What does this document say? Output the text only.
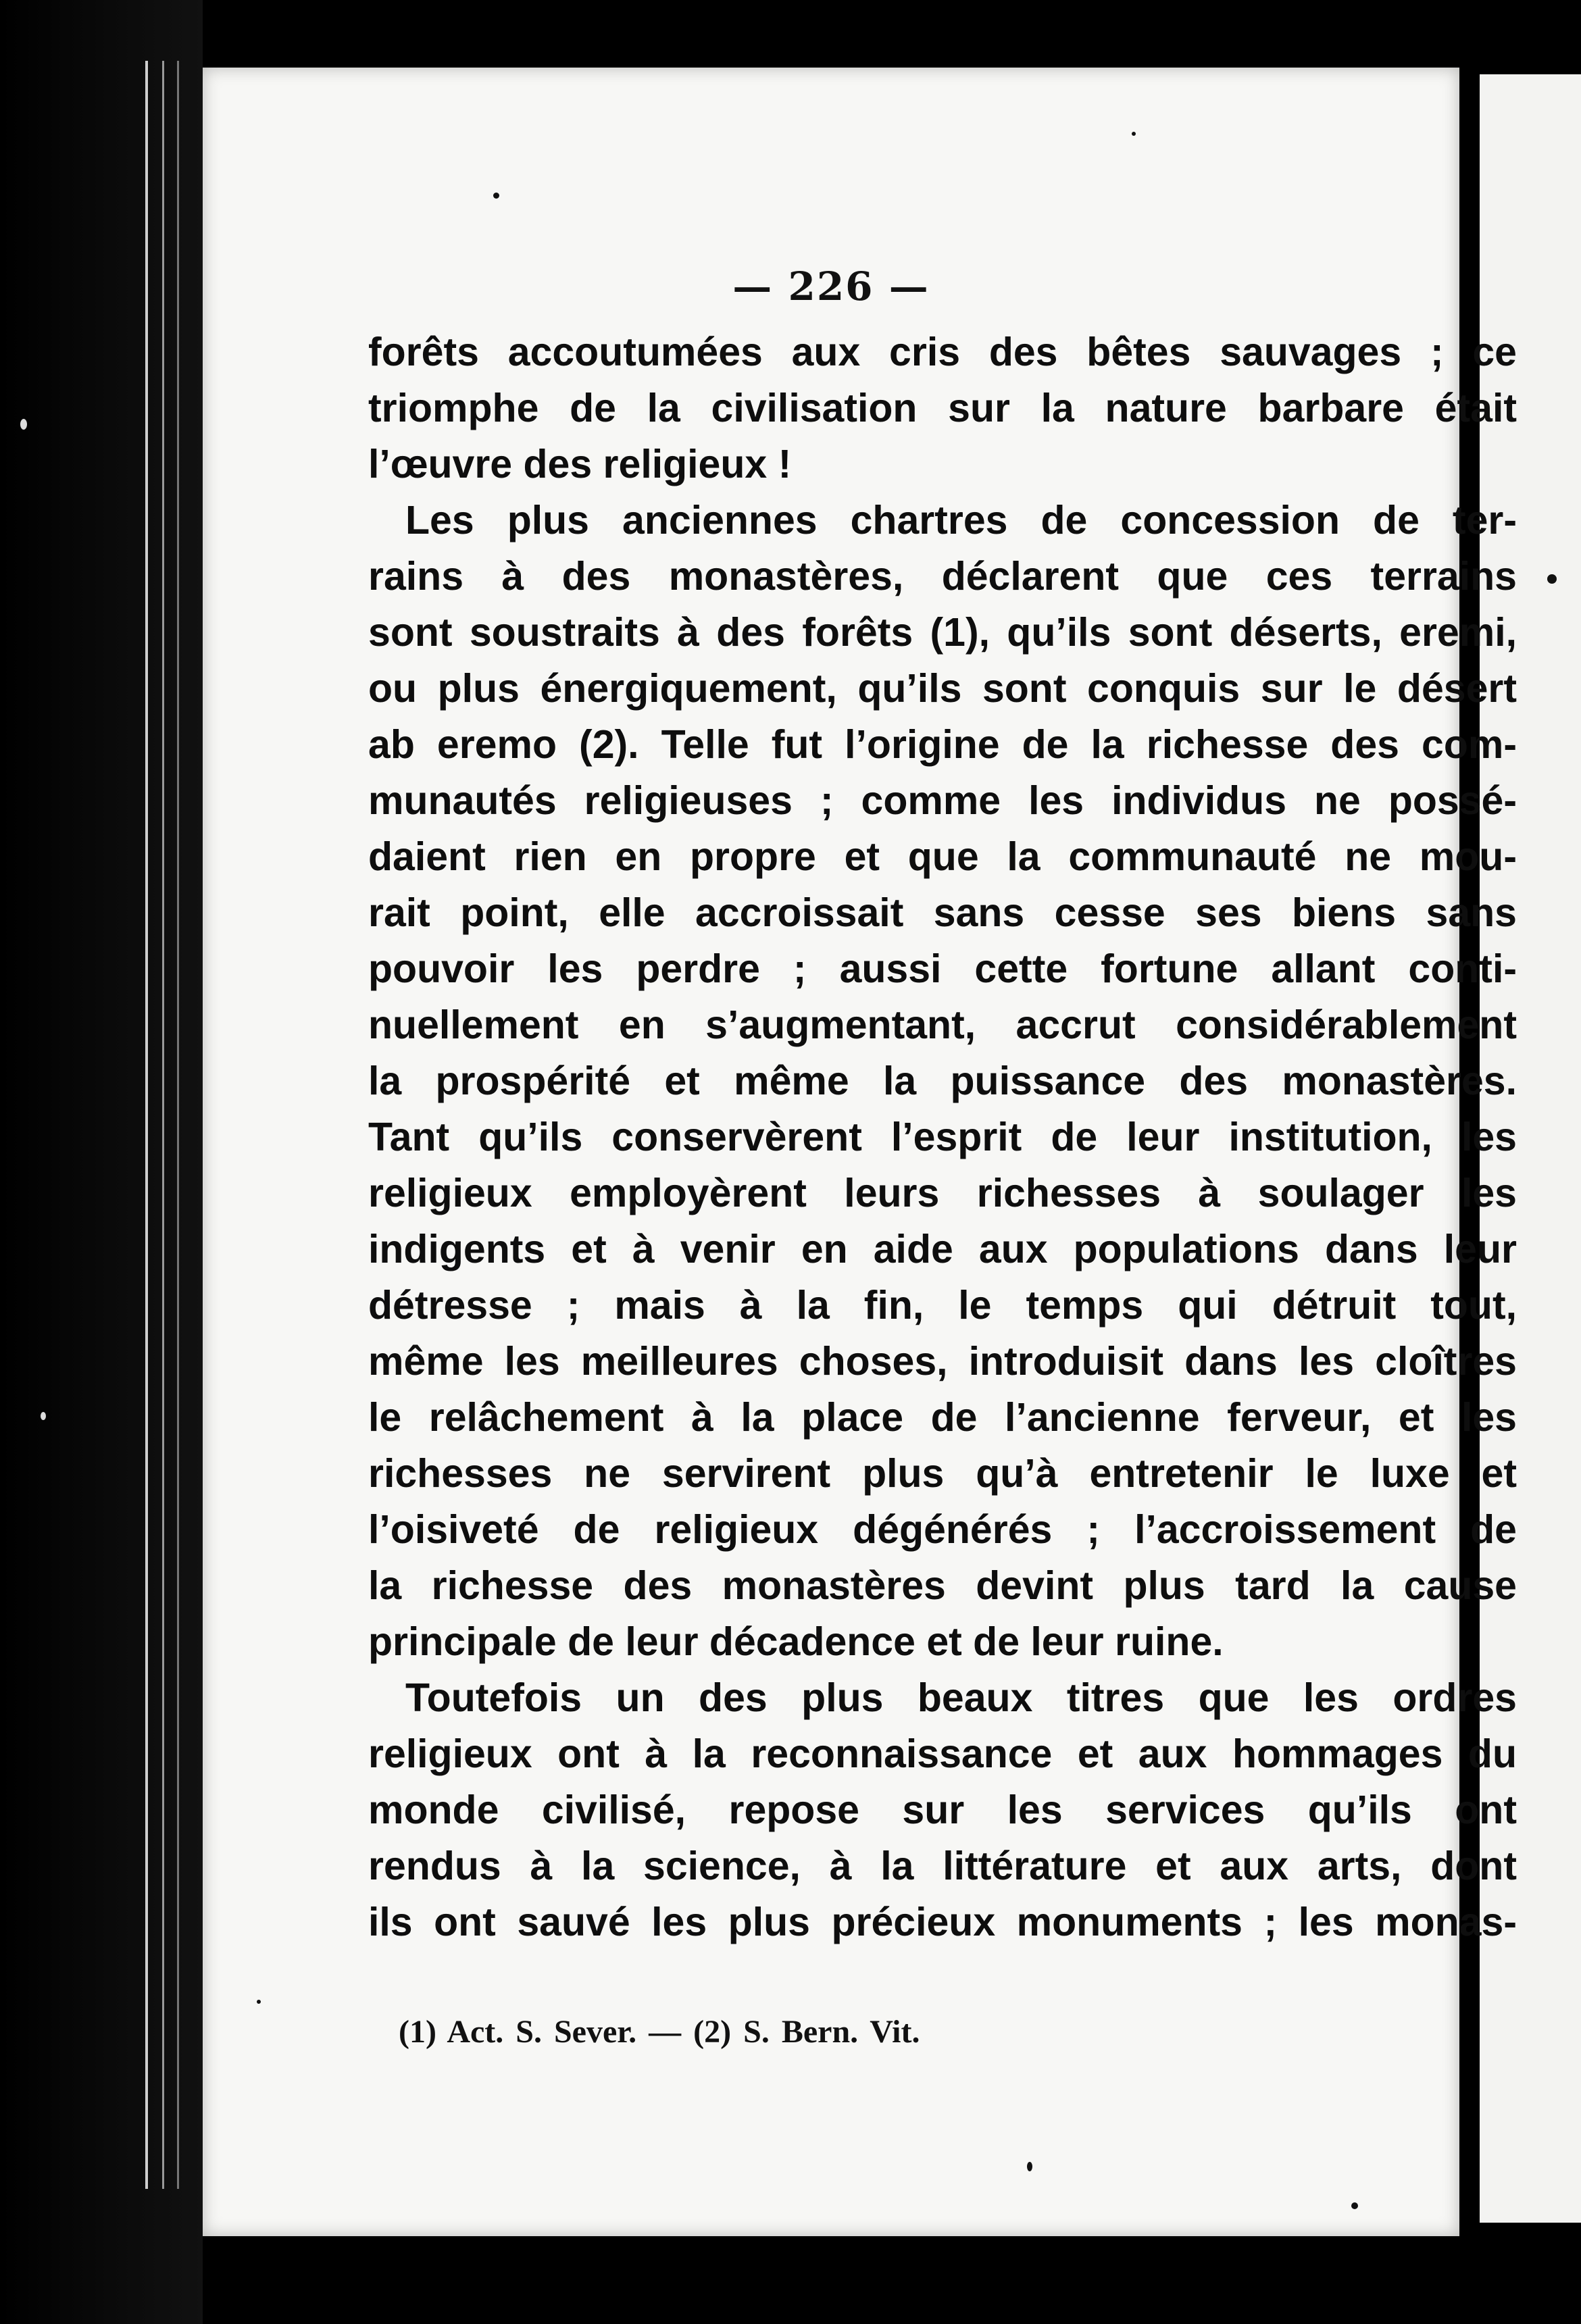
— 226 —
forêts accoutumées aux cris des bêtes sauvages ; ce
triomphe de la civilisation sur la nature barbare était
l’œuvre des religieux !
Les plus anciennes chartres de concession de ter-
rains à des monastères, déclarent que ces terrains
sont soustraits à des forêts (1), qu’ils sont déserts, eremi,
ou plus énergiquement, qu’ils sont conquis sur le désert
ab eremo (2). Telle fut l’origine de la richesse des com-
munautés religieuses ; comme les individus ne possé-
daient rien en propre et que la communauté ne mou-
rait point, elle accroissait sans cesse ses biens sans
pouvoir les perdre ; aussi cette fortune allant conti-
nuellement en s’augmentant, accrut considérablement
la prospérité et même la puissance des monastères.
Tant qu’ils conservèrent l’esprit de leur institution, les
religieux employèrent leurs richesses à soulager les
indigents et à venir en aide aux populations dans leur
détresse ; mais à la fin, le temps qui détruit tout,
même les meilleures choses, introduisit dans les cloîtres
le relâchement à la place de l’ancienne ferveur, et les
richesses ne servirent plus qu’à entretenir le luxe et
l’oisiveté de religieux dégénérés ; l’accroissement de
la richesse des monastères devint plus tard la cause
principale de leur décadence et de leur ruine.
Toutefois un des plus beaux titres que les ordres
religieux ont à la reconnaissance et aux hommages du
monde civilisé, repose sur les services qu’ils ont
rendus à la science, à la littérature et aux arts, dont
ils ont sauvé les plus précieux monuments ; les monas-
(1) Act. S. Sever. — (2) S. Bern. Vit.
